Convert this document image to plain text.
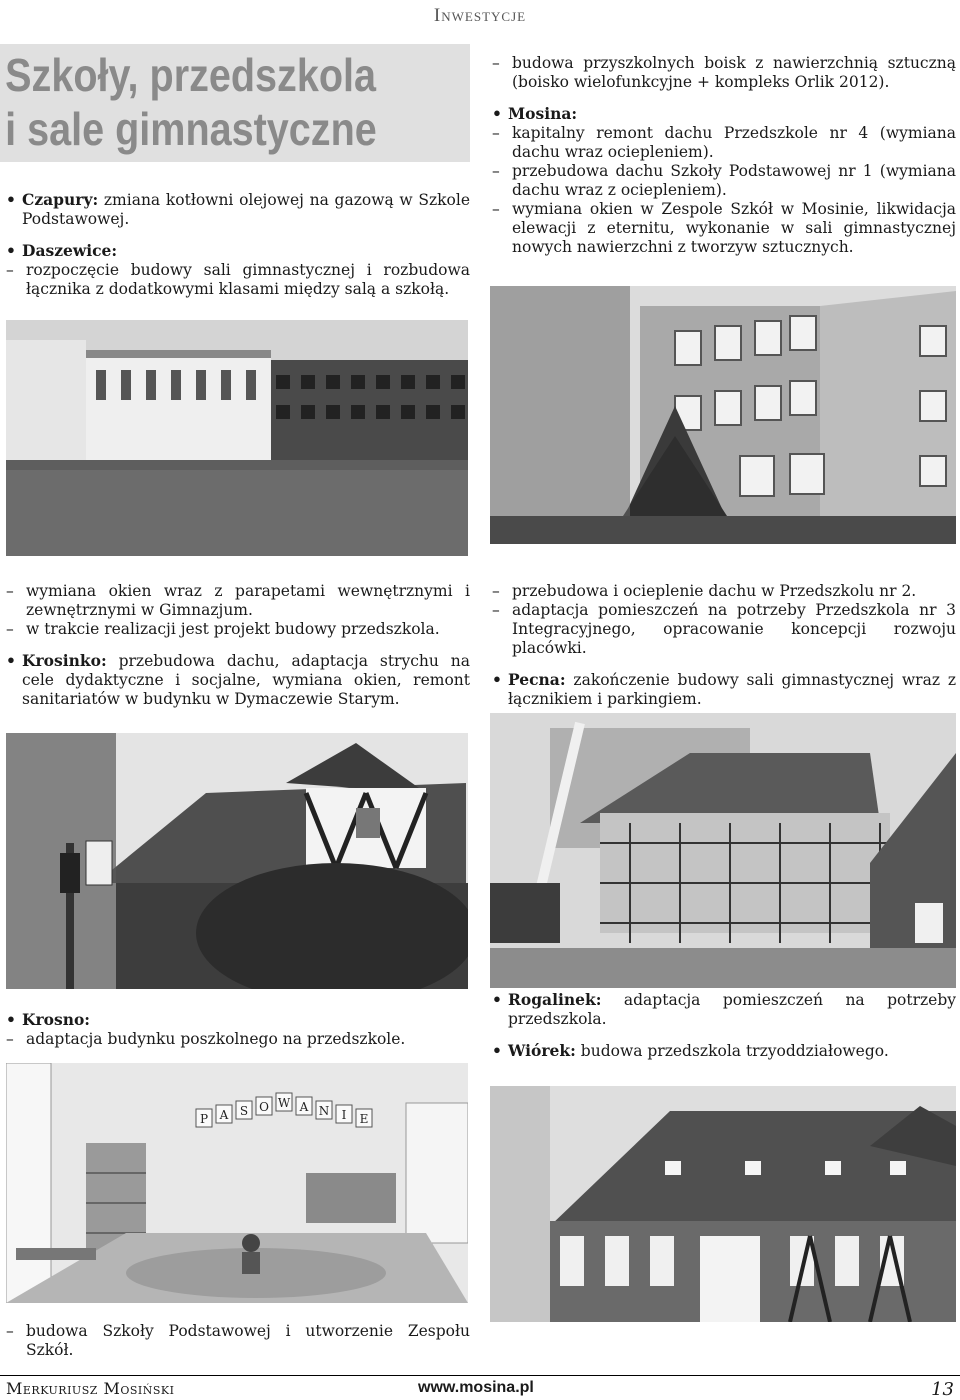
Inwestycje
Szkoły, przedszkola
i sale gimnastyczne
• Czapury: zmiana kotłowni olejowej na gazową w Szkole Podstawowej.
• Daszewice:
– rozpoczęcie budowy sali gimnastycznej i rozbudowa łącznika z dodatkowymi klasami między salą a szkołą.
– budowa przyszkolnych boisk z nawierzchnią sztuczną (boisko wielofunkcyjne + kompleks Orlik 2012).
• Mosina:
– kapitalny remont dachu Przedszkole nr 4 (wymiana dachu wraz ociepleniem).
– przebudowa dachu Szkoły Podstawowej nr 1 (wymiana dachu wraz z ociepleniem).
– wymiana okien w Zespole Szkół w Mosinie, likwidacja elewacji z eternitu, wykonanie w sali gimnastycznej nowych nawierzchni z tworzyw sztucznych.
– wymiana okien wraz z parapetami wewnętrznymi i zewnętrznymi w Gimnazjum.
– w trakcie realizacji jest projekt budowy przedszkola.
• Krosinko: przebudowa dachu, adaptacja strychu na cele dydaktyczne i socjalne, wymiana okien, remont sanitariatów w budynku w Dymaczewie Starym.
– przebudowa i ocieplenie dachu w Przedszkolu nr 2.
– adaptacja pomieszczeń na potrzeby Przedszkola nr 3 Integracyjnego, opracowanie koncepcji rozwoju placówki.
• Pecna: zakończenie budowy sali gimnastycznej wraz z łącznikiem i parkingiem.
• Krosno:
– adaptacja budynku poszkolnego na przedszkole.
• Rogalinek: adaptacja pomieszczeń na potrzeby przedszkola.
• Wiórek: budowa przedszkola trzyoddziałowego.
P A S O W A N I E
– budowa Szkoły Podstawowej i utworzenie Zespołu Szkół.
Merkuriusz Mosiński	www.mosina.pl	13
